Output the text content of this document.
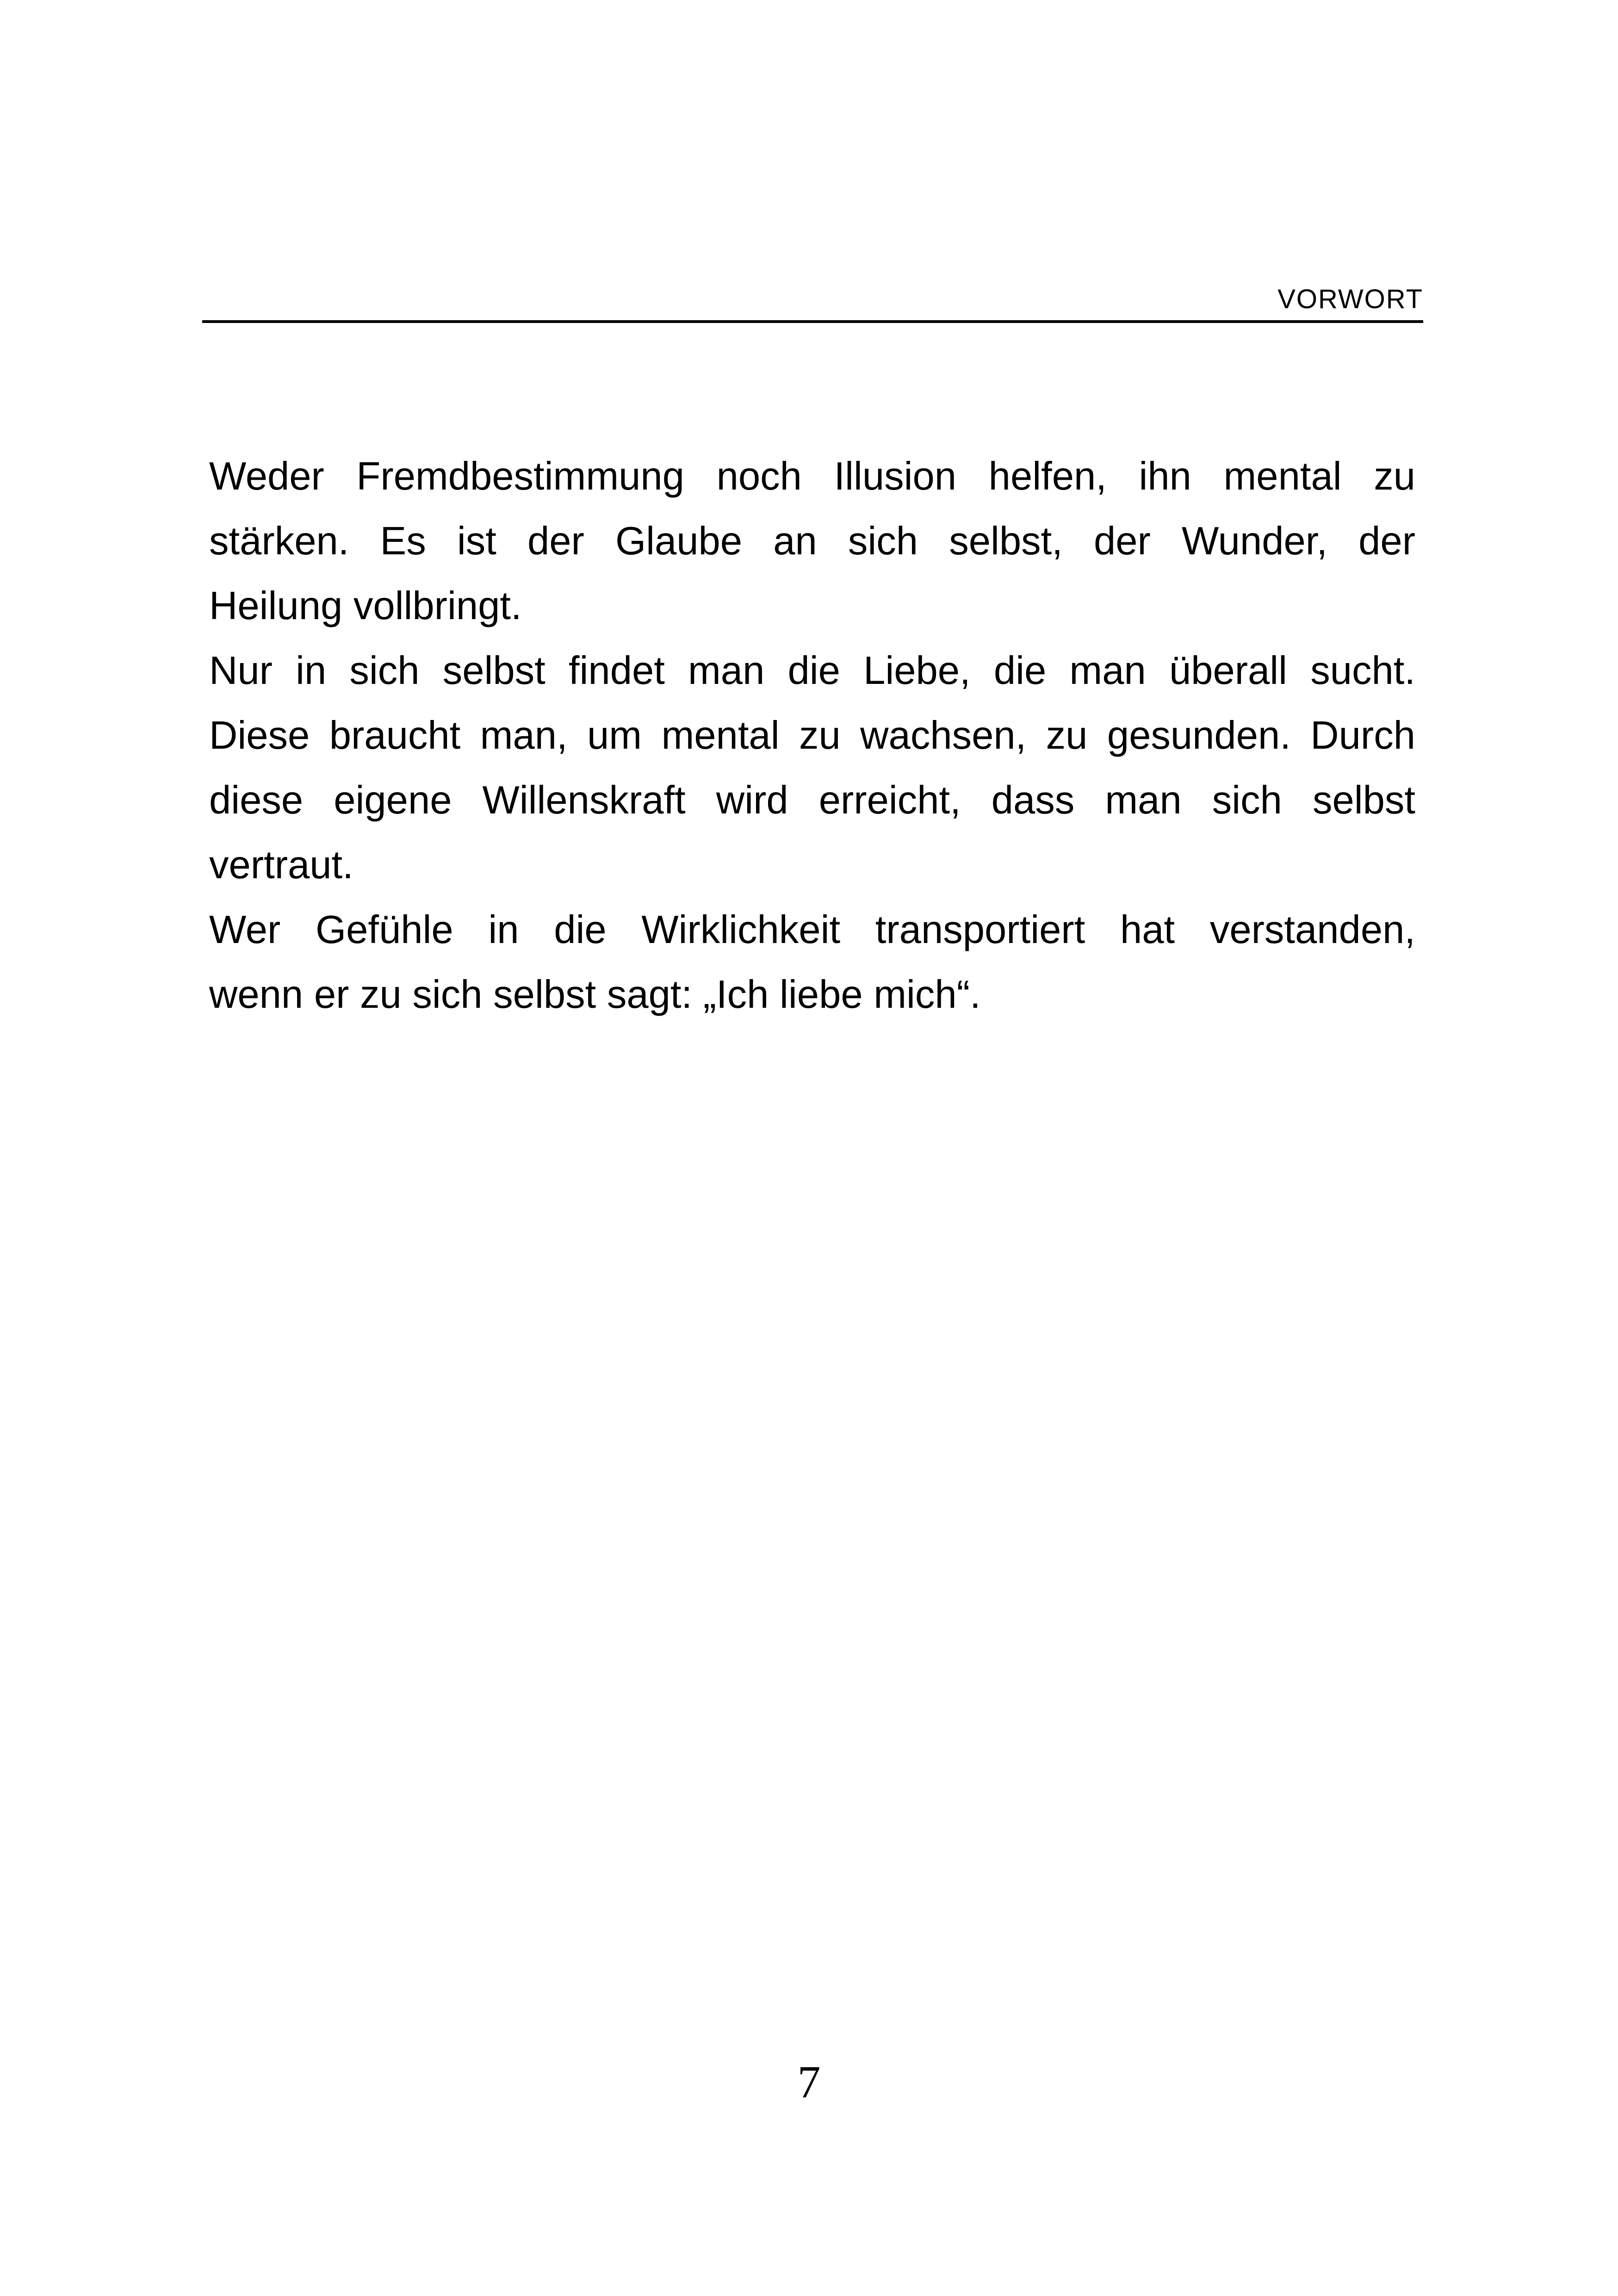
VORWORT
Weder Fremdbestimmung noch Illusion helfen, ihn mental zu
stärken. Es ist der Glaube an sich selbst, der Wunder, der
Heilung vollbringt.
Nur in sich selbst findet man die Liebe, die man überall sucht.
Diese braucht man, um mental zu wachsen, zu gesunden. Durch
diese eigene Willenskraft wird erreicht, dass man sich selbst
vertraut.
Wer Gefühle in die Wirklichkeit transportiert hat verstanden,
wenn er zu sich selbst sagt: „Ich liebe mich“.
7
